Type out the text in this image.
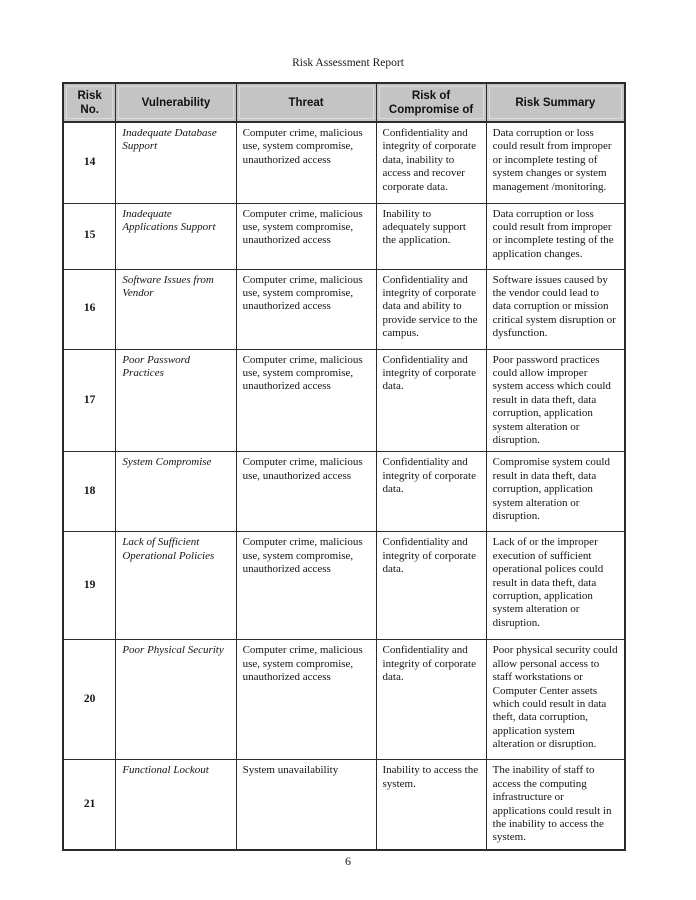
Risk Assessment Report
Risk No.	Vulnerability	Threat	Risk of Compromise of	Risk Summary
14	Inadequate Database Support	Computer crime, malicious use, system compromise, unauthorized access	Confidentiality and integrity of corporate data, inability to access and recover corporate data.	Data corruption or loss could result from improper or incomplete testing of system changes or system management /monitoring.
15	Inadequate Applications Support	Computer crime, malicious use, system compromise, unauthorized access	Inability to adequately support the application.	Data corruption or loss could result from improper or incomplete testing of the application changes.
16	Software Issues from Vendor	Computer crime, malicious use, system compromise, unauthorized access	Confidentiality and integrity of corporate data and ability to provide service to the campus.	Software issues caused by the vendor could lead to data corruption or mission critical system disruption or dysfunction.
17	Poor Password Practices	Computer crime, malicious use, system compromise, unauthorized access	Confidentiality and integrity of corporate data.	Poor password practices could allow improper system access which could result in data theft, data corruption, application system alteration or disruption.
18	System Compromise	Computer crime, malicious use, unauthorized access	Confidentiality and integrity of corporate data.	Compromise system could result in data theft, data corruption, application system alteration or disruption.
19	Lack of Sufficient Operational Policies	Computer crime, malicious use, system compromise, unauthorized access	Confidentiality and integrity of corporate data.	Lack of or the improper execution of sufficient operational polices could result in data theft, data corruption, application system alteration or disruption.
20	Poor Physical Security	Computer crime, malicious use, system compromise, unauthorized access	Confidentiality and integrity of corporate data.	Poor physical security could allow personal access to staff workstations or Computer Center assets which could result in data theft, data corruption, application system alteration or disruption.
21	Functional Lockout	System unavailability	Inability to access the system.	The inability of staff to access the computing infrastructure or applications could result in the inability to access the system.
6
